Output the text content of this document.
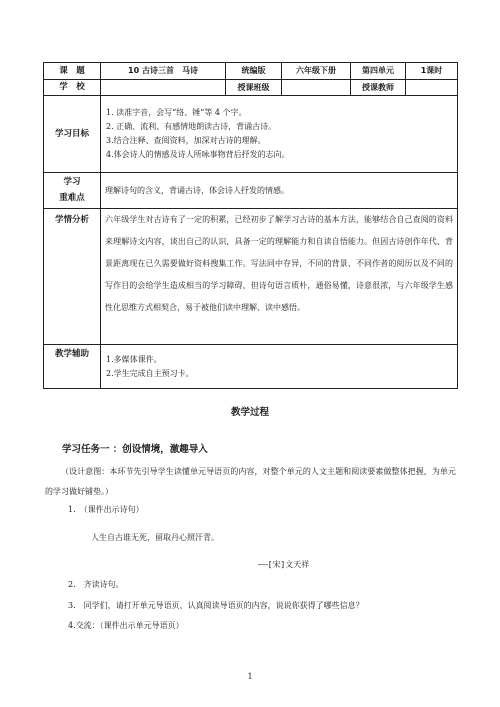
课　题	10 古诗三首　马诗	统编版	六年级下册	第四单元	1课时
学　校		授课班级		授课教师	
学习目标	1. 读准字音，会写“络、锤”等 4 个字。
2. 正确、流利、有感情地朗读古诗，背诵古诗。
3.结合注释、查阅资料，加深对古诗的理解。
4.体会诗人的情感及诗人所咏事物背后抒发的志向。				

学习
重难点	理解诗句的含义，背诵古诗，体会诗人抒发的情感。				
学情分析	六年级学生对古诗有了一定的积累，已经初步了解学习古诗的基本方法，能够结合自己查阅的资料来理解诗文内容，谈出自己的认识，具备一定的理解能力和自读自悟能力。但因古诗创作年代、背景距离现在已久需要做好资料搜集工作。写法同中存异，不同的背景、不同作者的阅历以及不同的写作目的会给学生造成相当的学习障碍，但诗句语言质朴，通俗易懂，诗意很浓，与六年级学生感性化思维方式相契合，易于被他们读中理解、读中感悟。				
教学辅助	1.多媒体课件。
2.学生完成自主预习卡。				
教学过程
学习任务一 ：创设情境，激趣导入
（设计意图：本环节先引导学生读懂单元导语页的内容，对整个单元的人文主题和阅读要素做整体把握，为单元的学习做好铺垫。）
1.　（课件出示诗句）
人生自古谁无死，留取丹心照汗青。
——[宋]文天祥
2.　齐读诗句。
3.　同学们，请打开单元导语页，认真阅读导语页的内容，说说你获得了哪些信息？
4.交流：（课件出示单元导语页）
1
